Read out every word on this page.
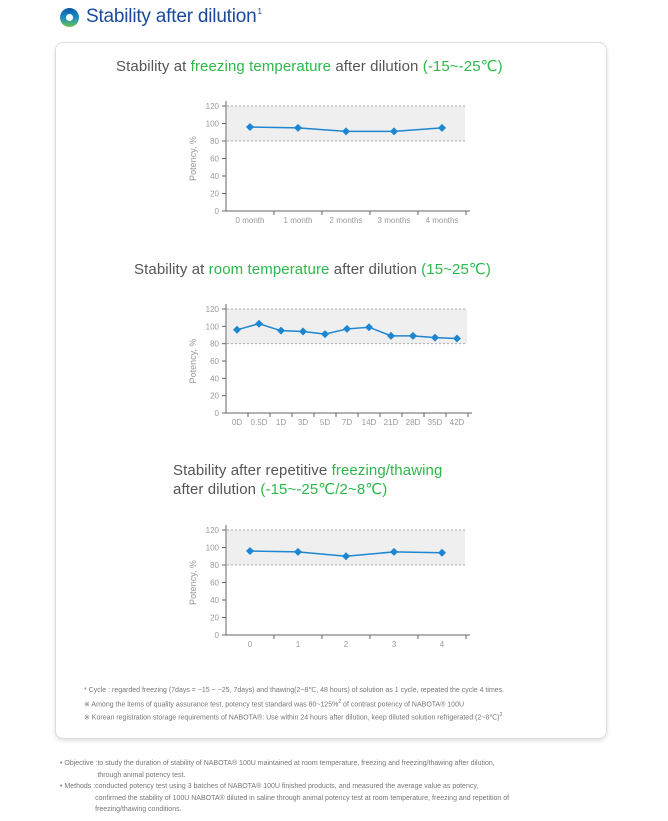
Stability after dilution$^1$
Stability at freezing temperature after dilution (-15~-25℃)
Stability at room temperature after dilution (15~25℃)
Stability after repetitive freezing/thawing
after dilution (-15~-25℃/2~8℃)
0
20
40
60
80
100
120
0 month 1 month 2 months 3 months 4 months
Potency, %
0
20
40
60
80
100
120
0D 0.5D 1D 3D 5D 7D 14D 21D 28D 35D 42D
Potency, %
0
20
40
60
80
100
120
0	1	2	3	4
Potency, %
* Cycle : regarded freezing (7days = −15 ~ −25, 7days) and thawing(2~8℃, 48 hours) of solution as 1 cycle, repeated the cycle 4 times.
※ Among the items of quality assurance test, potency test standard was 80~125%$^2$ of contrast potency of NABOTA® 100U
※ Korean registration storage requirements of NABOTA®: Use within 24 hours after dilution, keep diluted solution refrigerated (2~8℃)$^3$
• Objective : to study the duration of stability of NABOTA® 100U maintained at room temperature, freezing and freezing/thawing after dilution,
through animal potency test.
• Methods : conducted potency test using 3 batches of NABOTA® 100U finished products, and measured the average value as potency,
confirmed the stability of 100U NABOTA® diluted in saline through animal potency test at room temperature, freezing and repetition of
freezing/thawing conditions.
